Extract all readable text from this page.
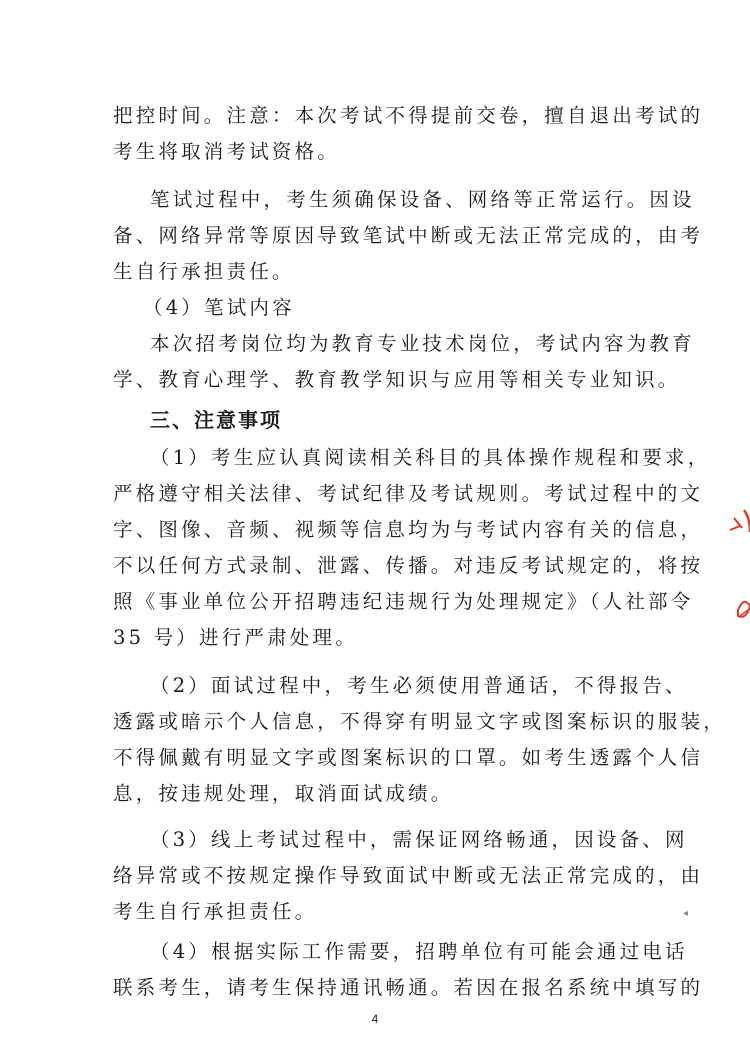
把控时间。注意：本次考试不得提前交卷，擅自退出考试的
考生将取消考试资格。
笔试过程中，考生须确保设备、网络等正常运行。因设
备、网络异常等原因导致笔试中断或无法正常完成的，由考
生自行承担责任。
（4）笔试内容
本次招考岗位均为教育专业技术岗位，考试内容为教育
学、教育心理学、教育教学知识与应用等相关专业知识。
三、注意事项
（1）考生应认真阅读相关科目的具体操作规程和要求，
严格遵守相关法律、考试纪律及考试规则。考试过程中的文
字、图像、音频、视频等信息均为与考试内容有关的信息，
不以任何方式录制、泄露、传播。对违反考试规定的，将按
照《事业单位公开招聘违纪违规行为处理规定》（人社部令
35 号）进行严肃处理。
（2）面试过程中，考生必须使用普通话，不得报告、
透露或暗示个人信息，不得穿有明显文字或图案标识的服装，
不得佩戴有明显文字或图案标识的口罩。如考生透露个人信
息，按违规处理，取消面试成绩。
（3）线上考试过程中，需保证网络畅通，因设备、网
络异常或不按规定操作导致面试中断或无法正常完成的，由
考生自行承担责任。
（4）根据实际工作需要，招聘单位有可能会通过电话
联系考生，请考生保持通讯畅通。若因在报名系统中填写的
4
◂
